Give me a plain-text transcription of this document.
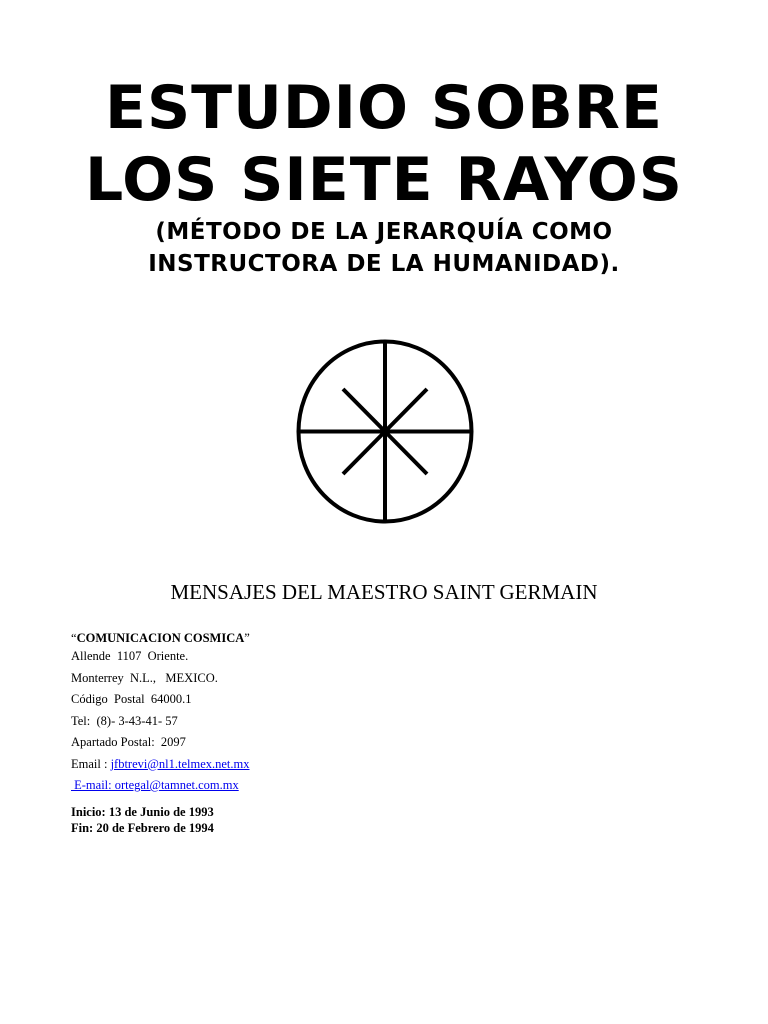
ESTUDIO SOBRE
LOS SIETE RAYOS
(MÉTODO DE LA JERARQUÍA COMO
INSTRUCTORA DE LA HUMANIDAD).
MENSAJES DEL MAESTRO SAINT GERMAIN
“COMUNICACION COSMICA”
Allende  1107  Oriente.
Monterrey  N.L.,   MEXICO.
Código  Postal  64000.1
Tel:  (8)- 3-43-41- 57
Apartado Postal:  2097
Email : jfbtrevi@nl1.telmex.net.mx
E-mail: ortegal@tamnet.com.mx
Inicio: 13 de Junio de 1993
Fin: 20 de Febrero de 1994
